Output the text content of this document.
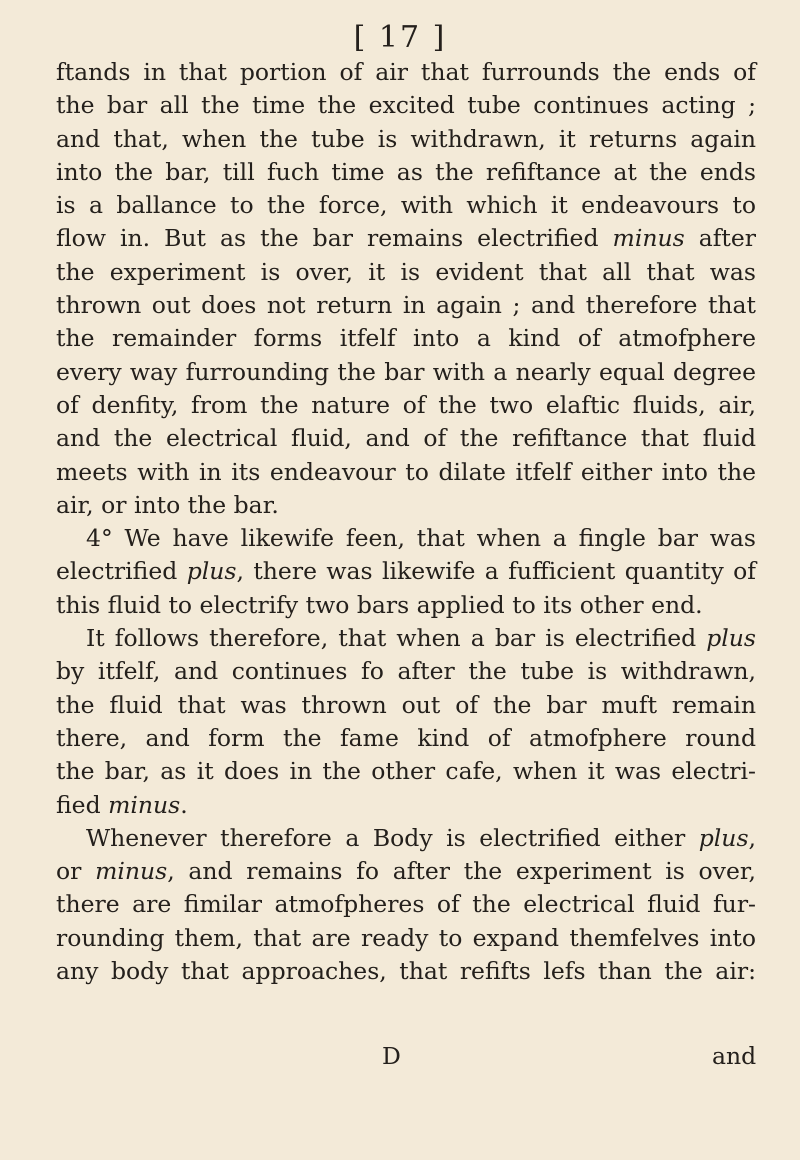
[ 17 ]
ftands in that portion of air that furrounds the ends of
the bar all the time the excited tube continues acting ;
and that, when the tube is withdrawn, it returns again
into the bar, till fuch time as the refiftance at the ends
is a ballance to the force, with which it endeavours to
flow in. But as the bar remains electrified minus after
the experiment is over, it is evident that all that was
thrown out does not return in again ; and therefore that
the remainder forms itfelf into a kind of atmofphere
every way furrounding the bar with a nearly equal degree
of denfity, from the nature of the two elaftic fluids, air,
and the electrical fluid, and of the refiftance that fluid
meets with in its endeavour to dilate itfelf either into the
air, or into the bar.
4° We have likewife feen, that when a fingle bar was
electrified plus, there was likewife a fufficient quantity of
this fluid to electrify two bars applied to its other end.
It follows therefore, that when a bar is electrified plus
by itfelf, and continues fo after the tube is withdrawn,
the fluid that was thrown out of the bar muft remain
there, and form the fame kind of atmofphere round
the bar, as it does in the other cafe, when it was electri-
fied minus.
Whenever therefore a Body is electrified either plus,
or minus, and remains fo after the experiment is over,
there are fimilar atmofpheres of the electrical fluid fur-
rounding them, that are ready to expand themfelves into
any body that approaches, that refifts lefs than the air:
D	and
